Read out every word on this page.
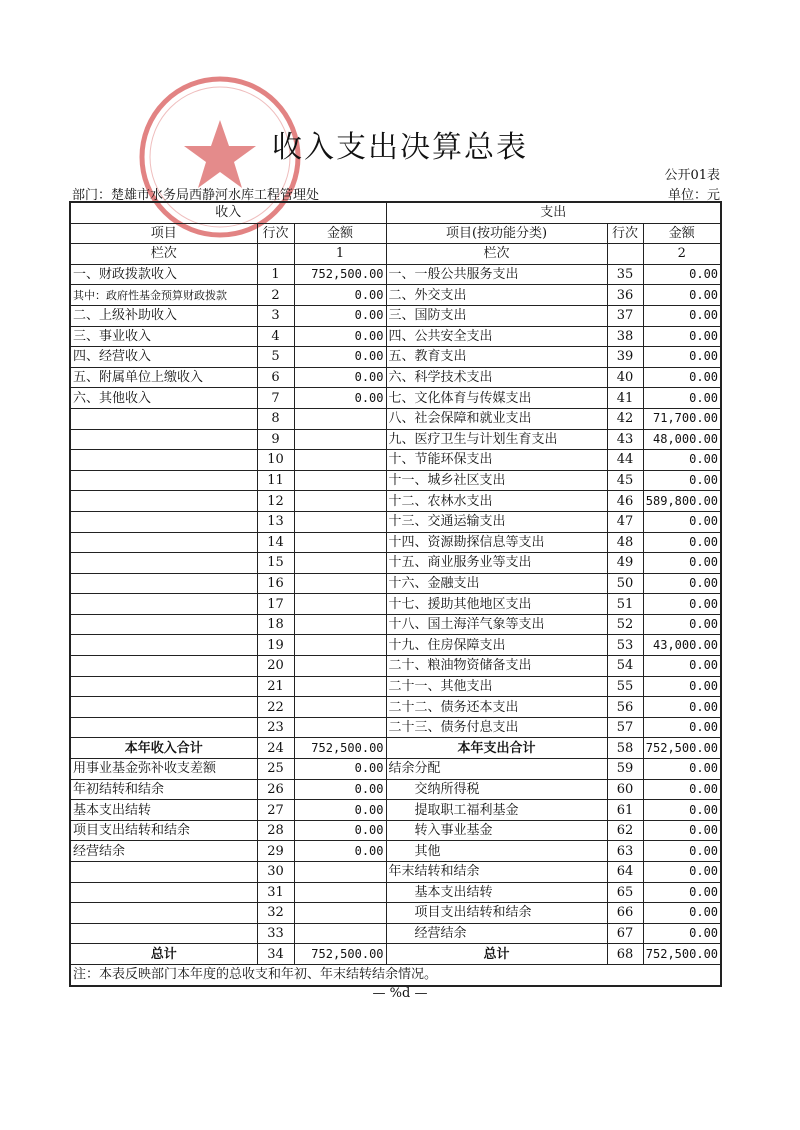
收入支出决算总表
公开01表
部门：楚雄市水务局西静河水库工程管理处	单位：元
收入			支出		
项目	行次	金额	项目(按功能分类)	行次	金额
栏次		1	栏次		2
一、财政拨款收入	1	752,500.00	一、一般公共服务支出	35	0.00
其中：政府性基金预算财政拨款	2	0.00	二、外交支出	36	0.00
二、上级补助收入	3	0.00	三、国防支出	37	0.00
三、事业收入	4	0.00	四、公共安全支出	38	0.00
四、经营收入	5	0.00	五、教育支出	39	0.00
五、附属单位上缴收入	6	0.00	六、科学技术支出	40	0.00
六、其他收入	7	0.00	七、文化体育与传媒支出	41	0.00
	8		八、社会保障和就业支出	42	71,700.00
	9		九、医疗卫生与计划生育支出	43	48,000.00
	10		十、节能环保支出	44	0.00
	11		十一、城乡社区支出	45	0.00
	12		十二、农林水支出	46	589,800.00
	13		十三、交通运输支出	47	0.00
	14		十四、资源勘探信息等支出	48	0.00
	15		十五、商业服务业等支出	49	0.00
	16		十六、金融支出	50	0.00
	17		十七、援助其他地区支出	51	0.00
	18		十八、国土海洋气象等支出	52	0.00
	19		十九、住房保障支出	53	43,000.00
	20		二十、粮油物资储备支出	54	0.00
	21		二十一、其他支出	55	0.00
	22		二十二、债务还本支出	56	0.00
	23		二十三、债务付息支出	57	0.00
本年收入合计	24	752,500.00	本年支出合计	58	752,500.00
用事业基金弥补收支差额	25	0.00	结余分配	59	0.00
年初结转和结余	26	0.00	交纳所得税	60	0.00
基本支出结转	27	0.00	提取职工福利基金	61	0.00
项目支出结转和结余	28	0.00	转入事业基金	62	0.00
经营结余	29	0.00	其他	63	0.00
	30		年末结转和结余	64	0.00
	31		基本支出结转	65	0.00
	32		项目支出结转和结余	66	0.00
	33		经营结余	67	0.00
总计	34	752,500.00	总计	68	752,500.00
注：本表反映部门本年度的总收支和年初、年末结转结余情况。					
— %d —
